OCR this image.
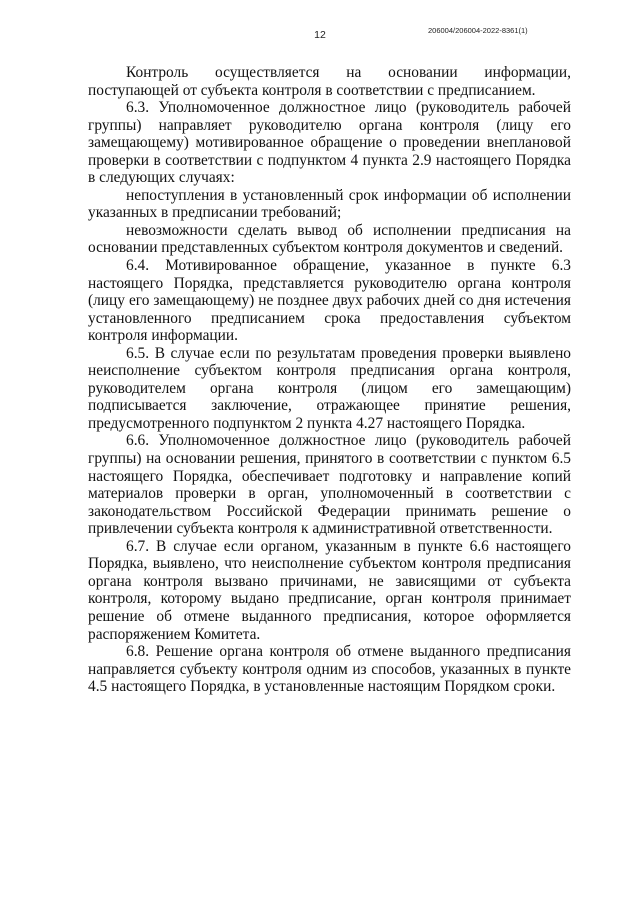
12	206004/206004-2022-8361(1)

Контроль осуществляется на основании информации, поступающей от субъекта контроля в соответствии с предписанием.

6.3. Уполномоченное должностное лицо (руководитель рабочей группы) направляет руководителю органа контроля (лицу его замещающему) мотивированное обращение о проведении внеплановой проверки в соответствии с подпунктом 4 пункта 2.9 настоящего Порядка в следующих случаях:

непоступления в установленный срок информации об исполнении указанных в предписании требований;

невозможности сделать вывод об исполнении предписания на основании представленных субъектом контроля документов и сведений.

6.4. Мотивированное обращение, указанное в пункте 6.3 настоящего Порядка, представляется руководителю органа контроля (лицу его замещающему) не позднее двух рабочих дней со дня истечения установленного предписанием срока предоставления субъектом контроля информации.

6.5. В случае если по результатам проведения проверки выявлено неисполнение субъектом контроля предписания органа контроля, руководителем органа контроля (лицом его замещающим) подписывается заключение, отражающее принятие решения, предусмотренного подпунктом 2 пункта 4.27 настоящего Порядка.

6.6. Уполномоченное должностное лицо (руководитель рабочей группы) на основании решения, принятого в соответствии с пунктом 6.5 настоящего Порядка, обеспечивает подготовку и направление копий материалов проверки в орган, уполномоченный в соответствии с законодательством Российской Федерации принимать решение о привлечении субъекта контроля к административной ответственности.

6.7. В случае если органом, указанным в пункте 6.6 настоящего Порядка, выявлено, что неисполнение субъектом контроля предписания органа контроля вызвано причинами, не зависящими от субъекта контроля, которому выдано предписание, орган контроля принимает решение об отмене выданного предписания, которое оформляется распоряжением Комитета.

6.8. Решение органа контроля об отмене выданного предписания направляется субъекту контроля одним из способов, указанных в пункте 4.5 настоящего Порядка, в установленные настоящим Порядком сроки.
